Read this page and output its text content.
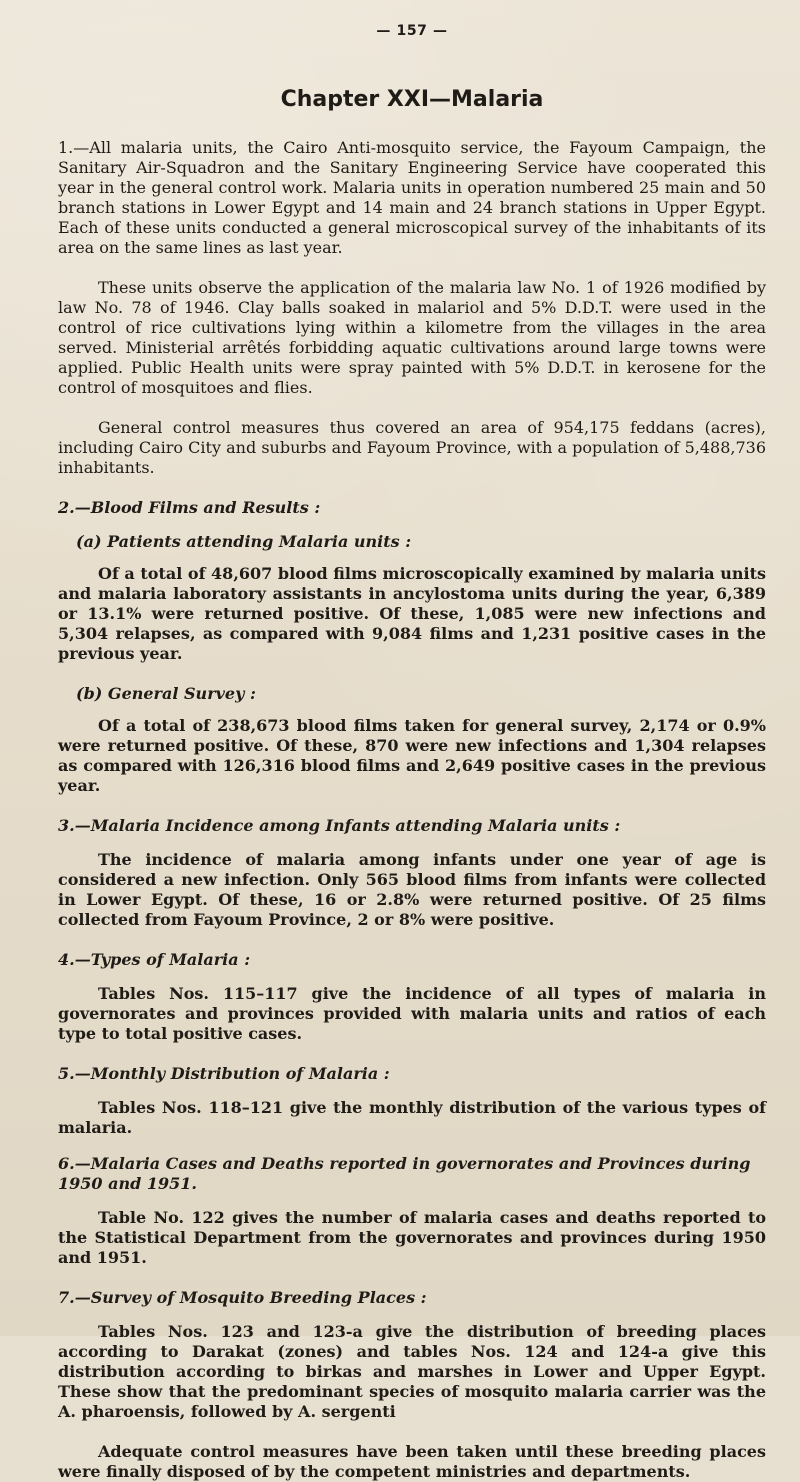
— 157 —
Chapter XXI—Malaria

1.—All malaria units, the Cairo Anti-mosquito service, the Fayoum Campaign, the Sanitary Air-Squadron and the Sanitary Engineering Service have cooperated this year in the general control work. Malaria units in operation numbered 25 main and 50 branch stations in Lower Egypt and 14 main and 24 branch stations in Upper Egypt. Each of these units conducted a general microscopical survey of the inhabitants of its area on the same lines as last year.

These units observe the application of the malaria law No. 1 of 1926 modified by law No. 78 of 1946. Clay balls soaked in malariol and 5% D.D.T. were used in the control of rice cultivations lying within a kilometre from the villages in the area served. Ministerial arrêtés forbidding aquatic cultivations around large towns were applied. Public Health units were spray painted with 5% D.D.T. in kerosene for the control of mosquitoes and flies.

General control measures thus covered an area of 954,175 feddans (acres), including Cairo City and suburbs and Fayoum Province, with a population of 5,488,736 inhabitants.

2.—Blood Films and Results :
(a) Patients attending Malaria units :

Of a total of 48,607 blood films microscopically examined by malaria units and malaria laboratory assistants in ancylostoma units during the year, 6,389 or 13.1% were returned positive. Of these, 1,085 were new infections and 5,304 relapses, as compared with 9,084 films and 1,231 positive cases in the previous year.

(b) General Survey :

Of a total of 238,673 blood films taken for general survey, 2,174 or 0.9% were returned positive. Of these, 870 were new infections and 1,304 relapses as compared with 126,316 blood films and 2,649 positive cases in the previous year.

3.—Malaria Incidence among Infants attending Malaria units :

The incidence of malaria among infants under one year of age is considered a new infection. Only 565 blood films from infants were collected in Lower Egypt. Of these, 16 or 2.8% were returned positive. Of 25 films collected from Fayoum Province, 2 or 8% were positive.

4.—Types of Malaria :

Tables Nos. 115–117 give the incidence of all types of malaria in governorates and provinces provided with malaria units and ratios of each type to total positive cases.

5.—Monthly Distribution of Malaria :

Tables Nos. 118–121 give the monthly distribution of the various types of malaria.

6.—Malaria Cases and Deaths reported in governorates and Provinces during 1950 and 1951.

Table No. 122 gives the number of malaria cases and deaths reported to the Statistical Department from the governorates and provinces during 1950 and 1951.

7.—Survey of Mosquito Breeding Places :

Tables Nos. 123 and 123-a give the distribution of breeding places according to Darakat (zones) and tables Nos. 124 and 124-a give this distribution according to birkas and marshes in Lower and Upper Egypt. These show that the predominant species of mosquito malaria carrier was the A. pharoensis, followed by A. sergenti

Adequate control measures have been taken until these breeding places were finally disposed of by the competent ministries and departments.
